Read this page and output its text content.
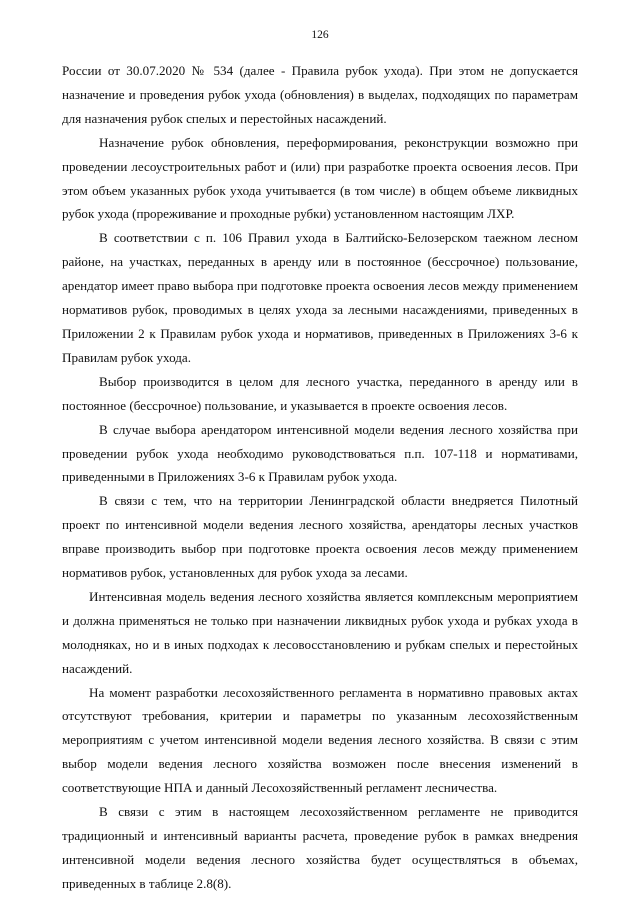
126

России от 30.07.2020 № 534 (далее - Правила рубок ухода). При этом не допускается назначение и проведения рубок ухода (обновления) в выделах, подходящих по параметрам для назначения рубок спелых и перестойных насаждений.

Назначение рубок обновления, переформирования, реконструкции возможно при проведении лесоустроительных работ и (или) при разработке проекта освоения лесов. При этом объем указанных рубок ухода учитывается (в том числе) в общем объеме ликвидных рубок ухода (прореживание и проходные рубки) установленном настоящим ЛХР.

В соответствии с п. 106 Правил ухода в Балтийско-Белозерском таежном лесном районе, на участках, переданных в аренду или в постоянное (бессрочное) пользование, арендатор имеет право выбора при подготовке проекта освоения лесов между применением нормативов рубок, проводимых в целях ухода за лесными насаждениями, приведенных в Приложении 2 к Правилам рубок ухода и нормативов, приведенных в Приложениях 3-6 к Правилам рубок ухода.

Выбор производится в целом для лесного участка, переданного в аренду или в постоянное (бессрочное) пользование, и указывается в проекте освоения лесов.

В случае выбора арендатором интенсивной модели ведения лесного хозяйства при проведении рубок ухода необходимо руководствоваться п.п. 107-118 и нормативами, приведенными в Приложениях 3-6 к Правилам рубок ухода.

В связи с тем, что на территории Ленинградской области внедряется Пилотный проект по интенсивной модели ведения лесного хозяйства, арендаторы лесных участков вправе производить выбор при подготовке проекта освоения лесов между применением нормативов рубок, установленных для рубок ухода за лесами.

Интенсивная модель ведения лесного хозяйства является комплексным мероприятием и должна применяться не только при назначении ликвидных рубок ухода и рубках ухода в молодняках, но и в иных подходах к лесовосстановлению и рубкам спелых и перестойных насаждений.

На момент разработки лесохозяйственного регламента в нормативно правовых актах отсутствуют требования, критерии и параметры по указанным лесохозяйственным мероприятиям с учетом интенсивной модели ведения лесного хозяйства. В связи с этим выбор модели ведения лесного хозяйства возможен после внесения изменений в соответствующие НПА и данный Лесохозяйственный регламент лесничества.

В связи с этим в настоящем лесохозяйственном регламенте не приводится традиционный и интенсивный варианты расчета, проведение рубок в рамках внедрения интенсивной модели ведения лесного хозяйства будет осуществляться в объемах, приведенных в таблице 2.8(8).
